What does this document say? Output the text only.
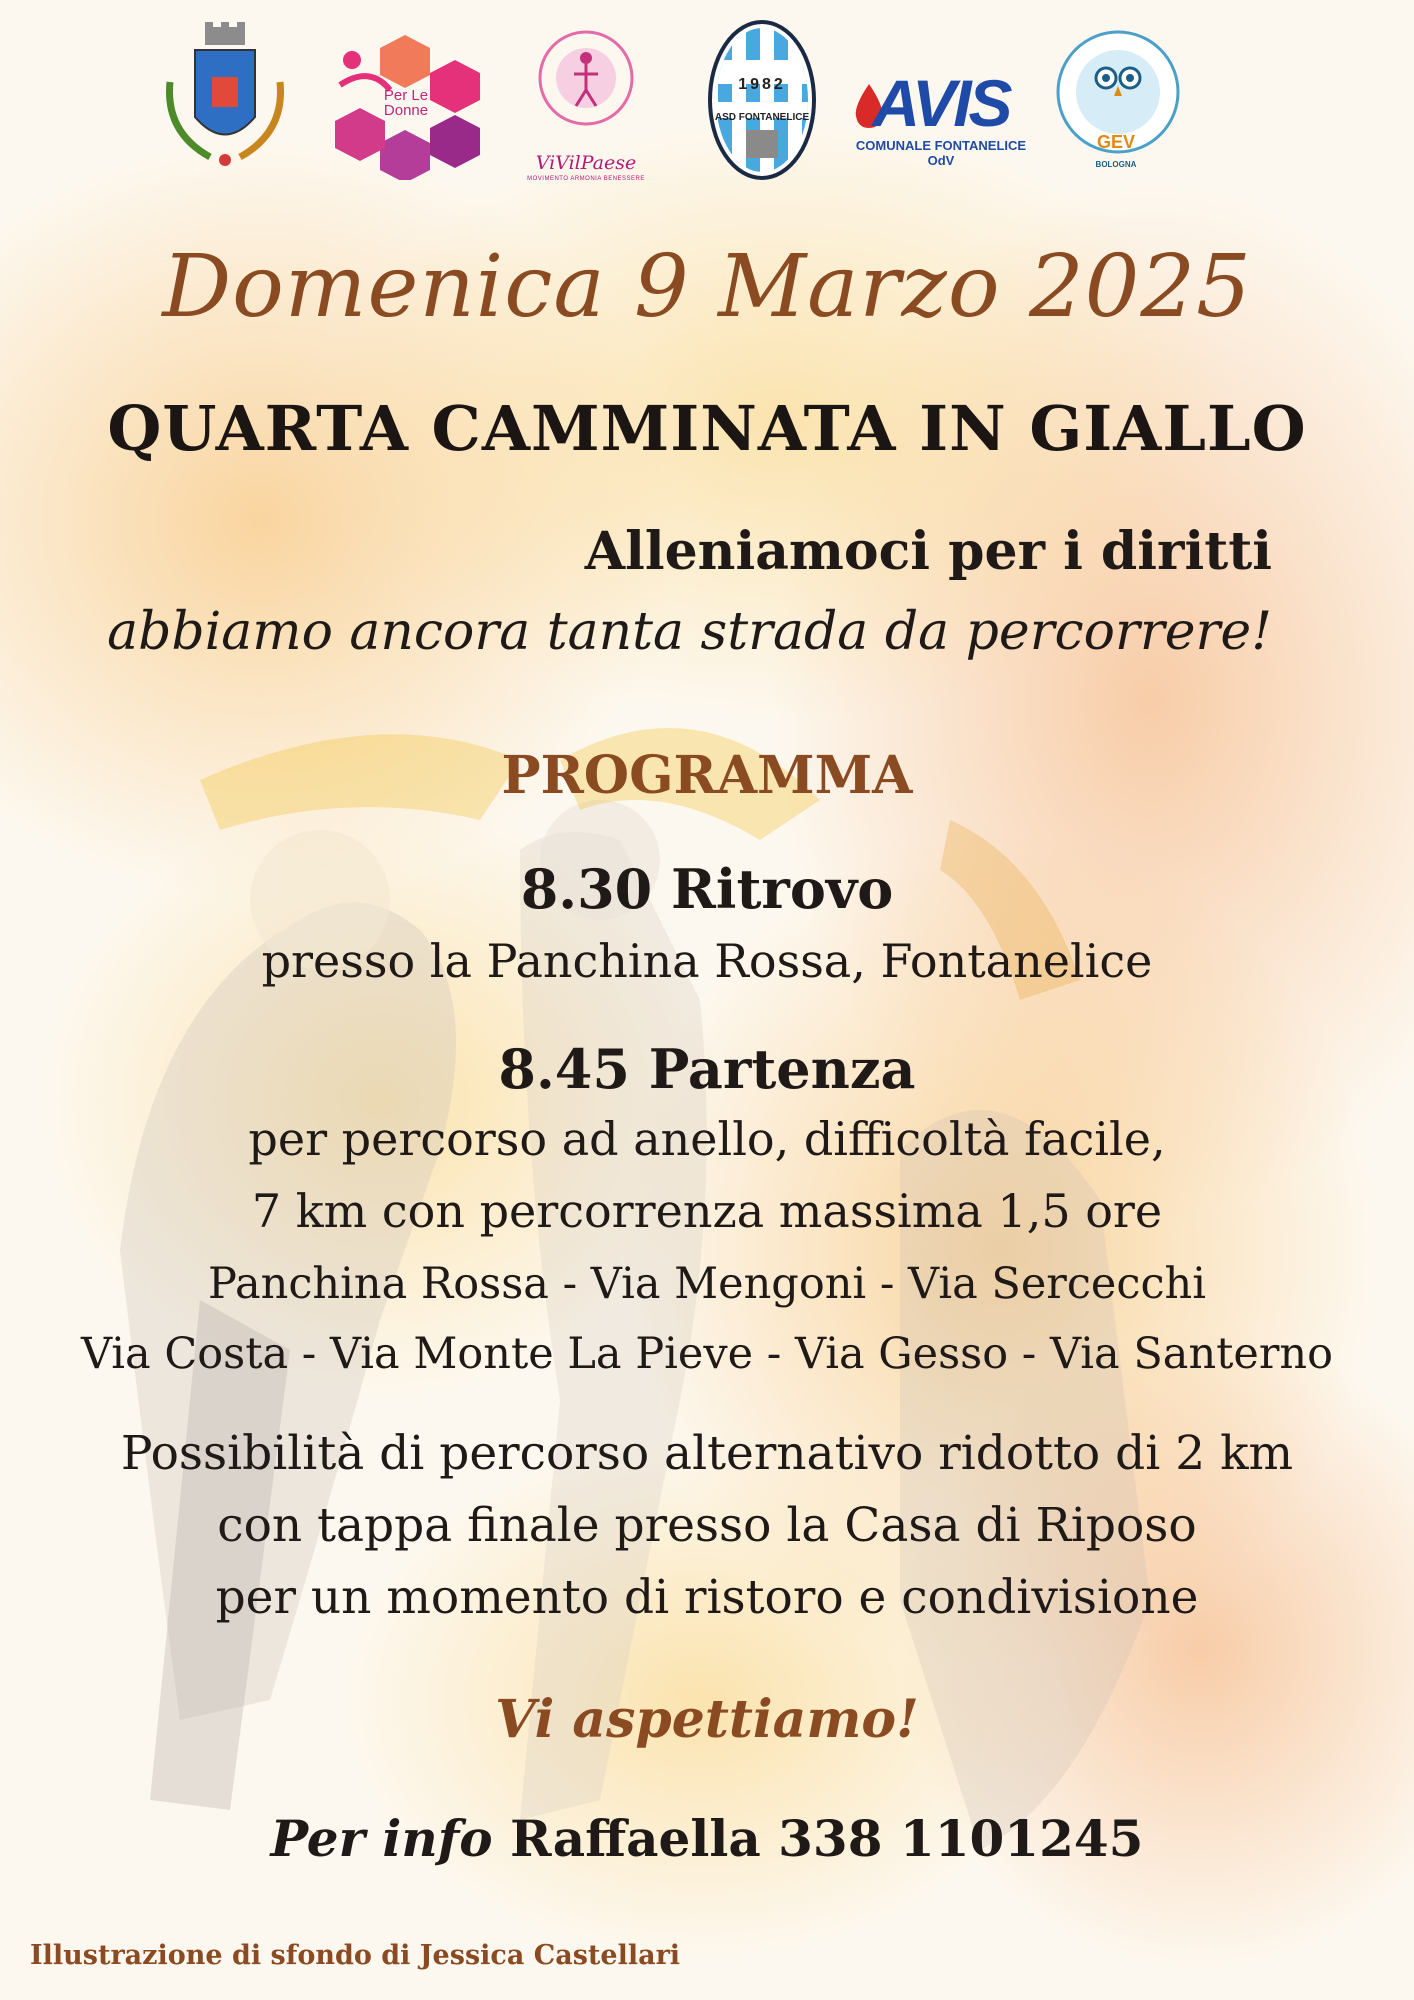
Per Le
Donne
ViVilPaese
MOVIMENTO ARMONIA BENESSERE
1982
ASD FONTANELICE AVIS
COMUNALE FONTANELICE OdV
GEV
BOLOGNA
Domenica 9 Marzo 2025
QUARTA CAMMINATA IN GIALLO
Alleniamoci per i diritti
abbiamo ancora tanta strada da percorrere!
PROGRAMMA
8.30 Ritrovo
presso la Panchina Rossa, Fontanelice
8.45 Partenza
per percorso ad anello, difficoltà facile,
7 km con percorrenza massima 1,5 ore
Panchina Rossa - Via Mengoni - Via Sercecchi
Via Costa - Via Monte La Pieve - Via Gesso - Via Santerno
Possibilità di percorso alternativo ridotto di 2 km
con tappa finale presso la Casa di Riposo
per un momento di ristoro e condivisione
Vi aspettiamo!
Per info Raffaella 338 1101245
Illustrazione di sfondo di Jessica Castellari
